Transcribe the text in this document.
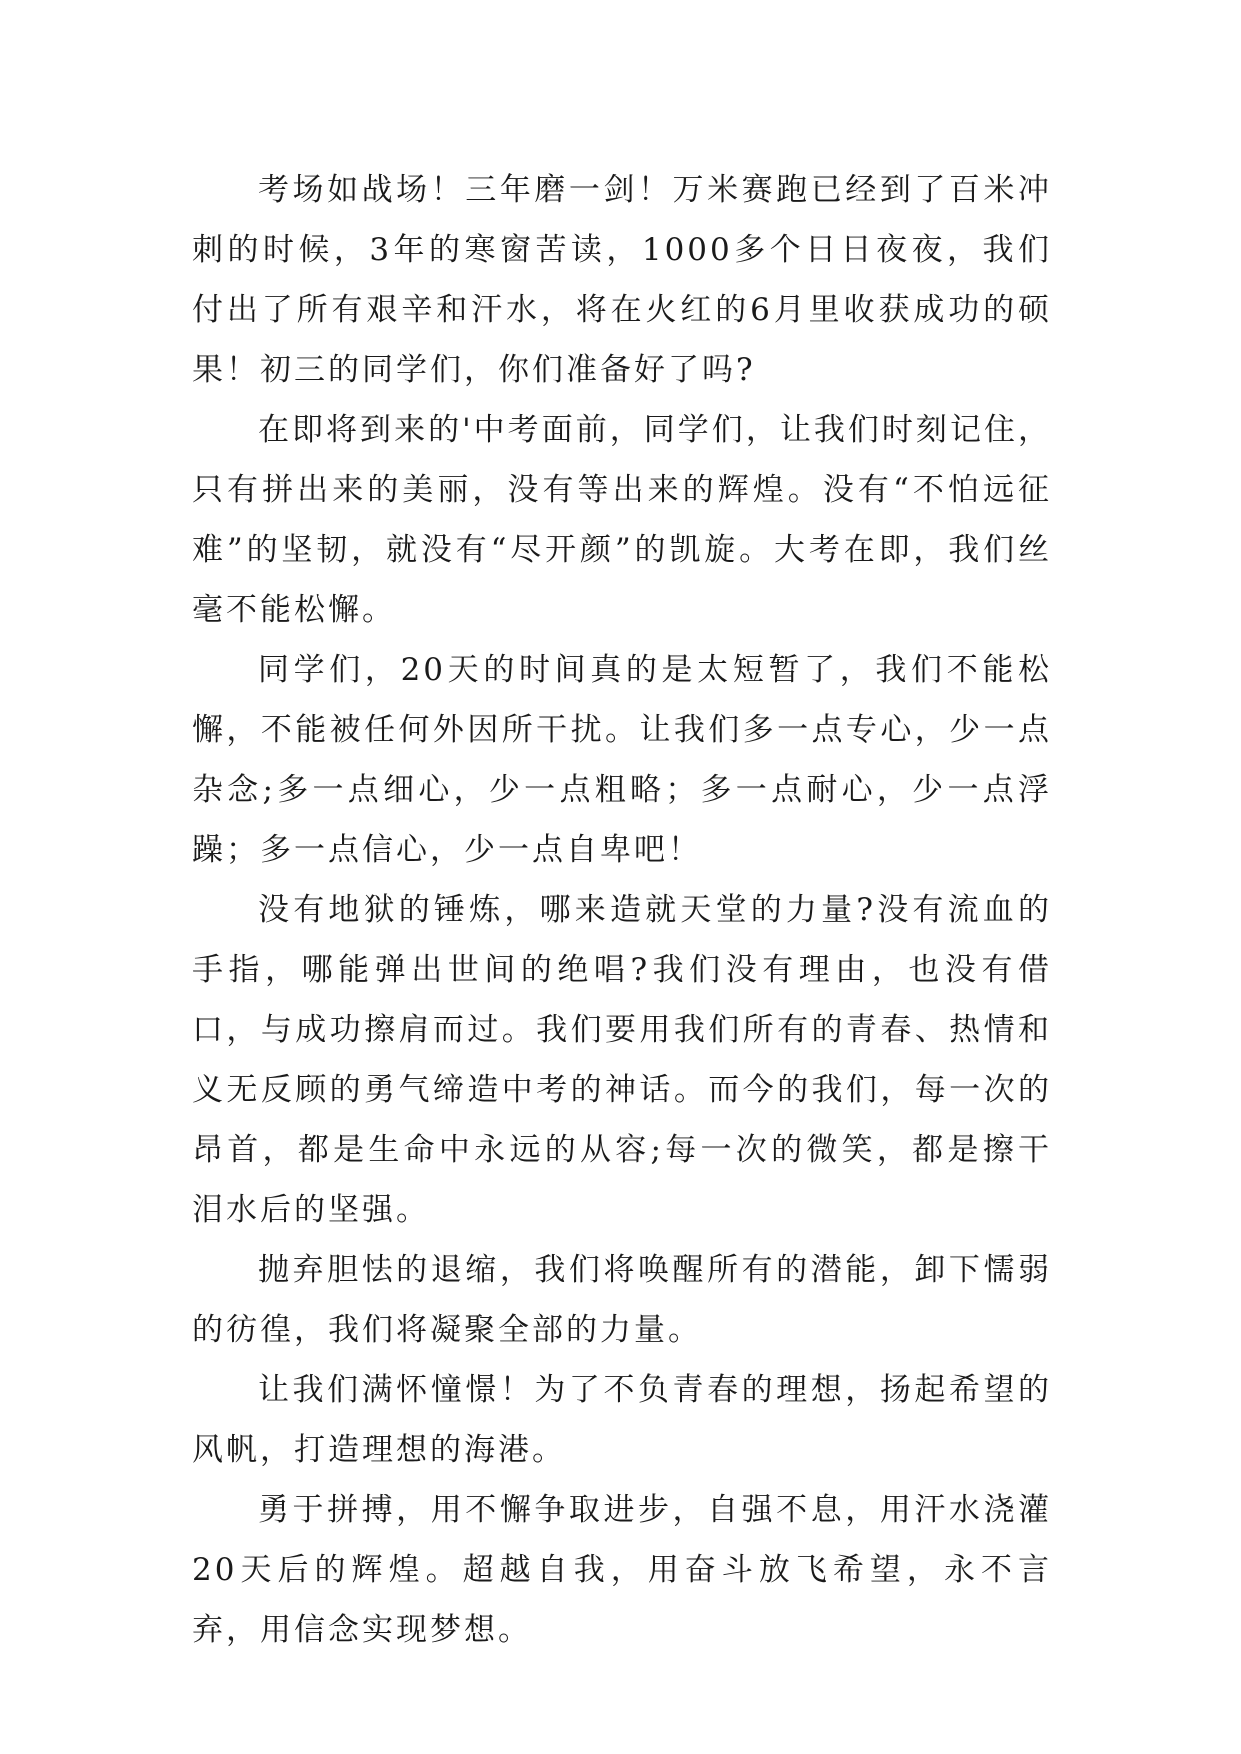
考场如战场！三年磨一剑！万米赛跑已经到了百米冲刺的时候，3年的寒窗苦读，1000多个日日夜夜，我们付出了所有艰辛和汗水，将在火红的6月里收获成功的硕果！初三的同学们，你们准备好了吗?

在即将到来的'中考面前，同学们，让我们时刻记住，只有拼出来的美丽，没有等出来的辉煌。没有“不怕远征难”的坚韧，就没有“尽开颜”的凯旋。大考在即，我们丝毫不能松懈。

同学们，20天的时间真的是太短暂了，我们不能松懈，不能被任何外因所干扰。让我们多一点专心，少一点杂念;多一点细心，少一点粗略；多一点耐心，少一点浮躁；多一点信心，少一点自卑吧！

没有地狱的锤炼，哪来造就天堂的力量?没有流血的手指，哪能弹出世间的绝唱?我们没有理由，也没有借口，与成功擦肩而过。我们要用我们所有的青春、热情和义无反顾的勇气缔造中考的神话。而今的我们，每一次的昂首，都是生命中永远的从容;每一次的微笑，都是擦干泪水后的坚强。

抛弃胆怯的退缩，我们将唤醒所有的潜能，卸下懦弱的彷徨，我们将凝聚全部的力量。

让我们满怀憧憬！为了不负青春的理想，扬起希望的风帆，打造理想的海港。

勇于拼搏，用不懈争取进步，自强不息，用汗水浇灌20天后的辉煌。超越自我，用奋斗放飞希望，永不言弃，用信念实现梦想。
